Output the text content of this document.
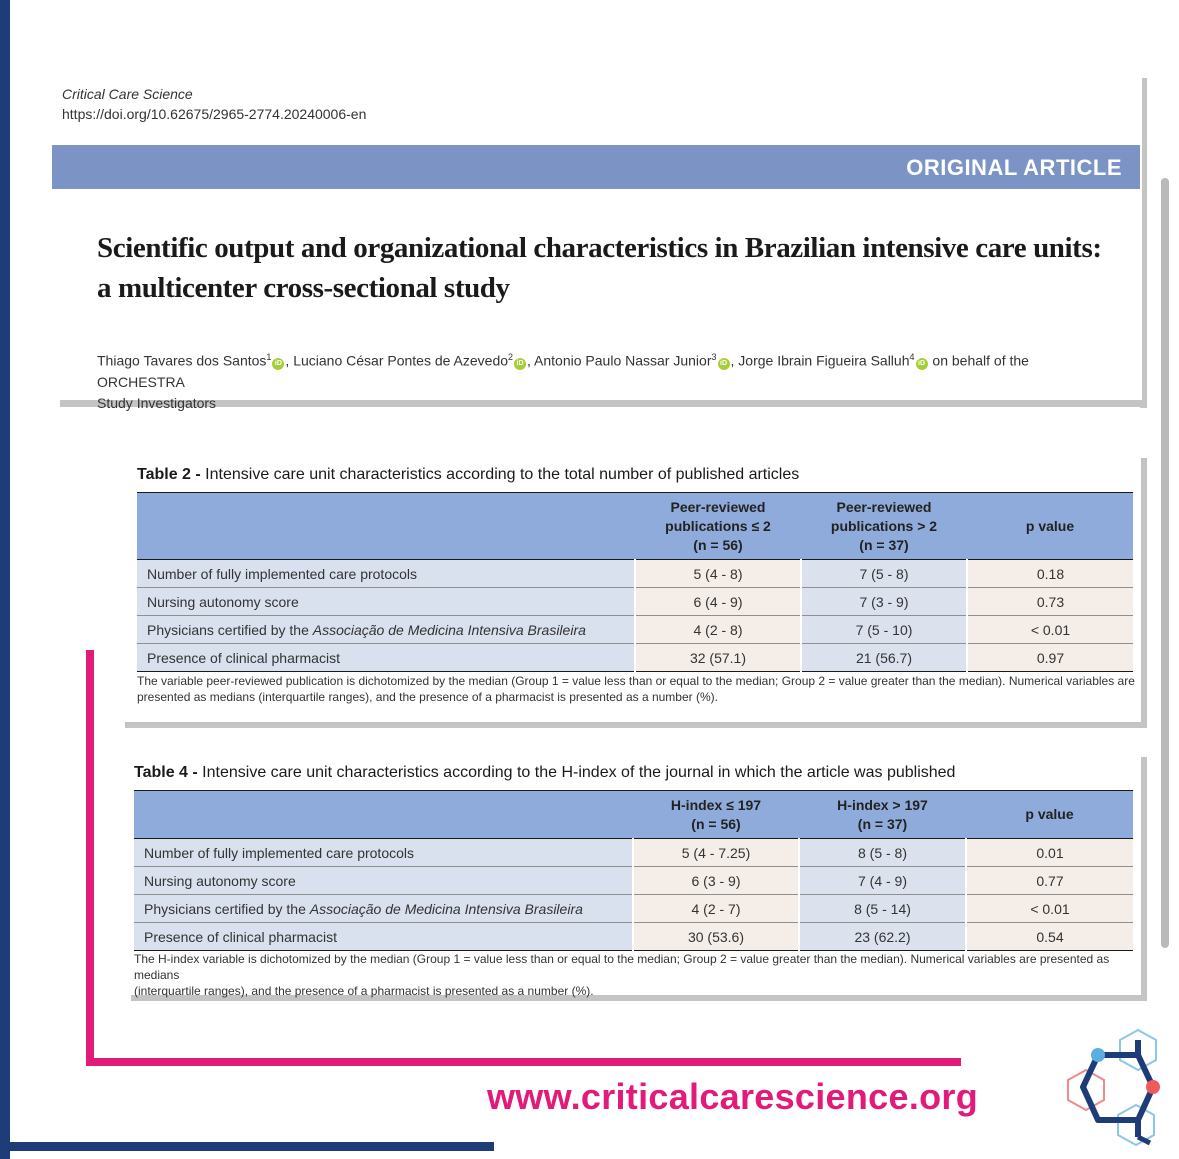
Critical Care Science
https://doi.org/10.62675/2965-2774.20240006-en
ORIGINAL ARTICLE
Scientific output and organizational characteristics in Brazilian intensive care units:
a multicenter cross-sectional study
Thiago Tavares dos Santos$^1$iD , Luciano César Pontes de Azevedo$^2$iD , Antonio Paulo Nassar Junior$^3$iD , Jorge Ibrain Figueira Salluh$^4$iD on behalf of the ORCHESTRA
Study Investigators
Table 2 - Intensive care unit characteristics according to the total number of published articles
	Peer-reviewed
publications ≤ 2
(n = 56)	Peer-reviewed
publications > 2
(n = 37)	p value
Number of fully implemented care protocols	5 (4 - 8)	7 (5 - 8)	0.18
Nursing autonomy score	6 (4 - 9)	7 (3 - 9)	0.73
Physicians certified by the Associação de Medicina Intensiva Brasileira	4 (2 - 8)	7 (5 - 10)	< 0.01
Presence of clinical pharmacist	32 (57.1)	21 (56.7)	0.97
The variable peer-reviewed publication is dichotomized by the median (Group 1 = value less than or equal to the median; Group 2 = value greater than the median). Numerical variables are
presented as medians (interquartile ranges), and the presence of a pharmacist is presented as a number (%).
Table 4 - Intensive care unit characteristics according to the H-index of the journal in which the article was published
	H-index ≤ 197
(n = 56)	H-index > 197
(n = 37)	p value
Number of fully implemented care protocols	5 (4 - 7.25)	8 (5 - 8)	0.01
Nursing autonomy score	6 (3 - 9)	7 (4 - 9)	0.77
Physicians certified by the Associação de Medicina Intensiva Brasileira	4 (2 - 7)	8 (5 - 14)	< 0.01
Presence of clinical pharmacist	30 (53.6)	23 (62.2)	0.54
The H-index variable is dichotomized by the median (Group 1 = value less than or equal to the median; Group 2 = value greater than the median). Numerical variables are presented as medians
(interquartile ranges), and the presence of a pharmacist is presented as a number (%).
www.criticalcarescience.org
